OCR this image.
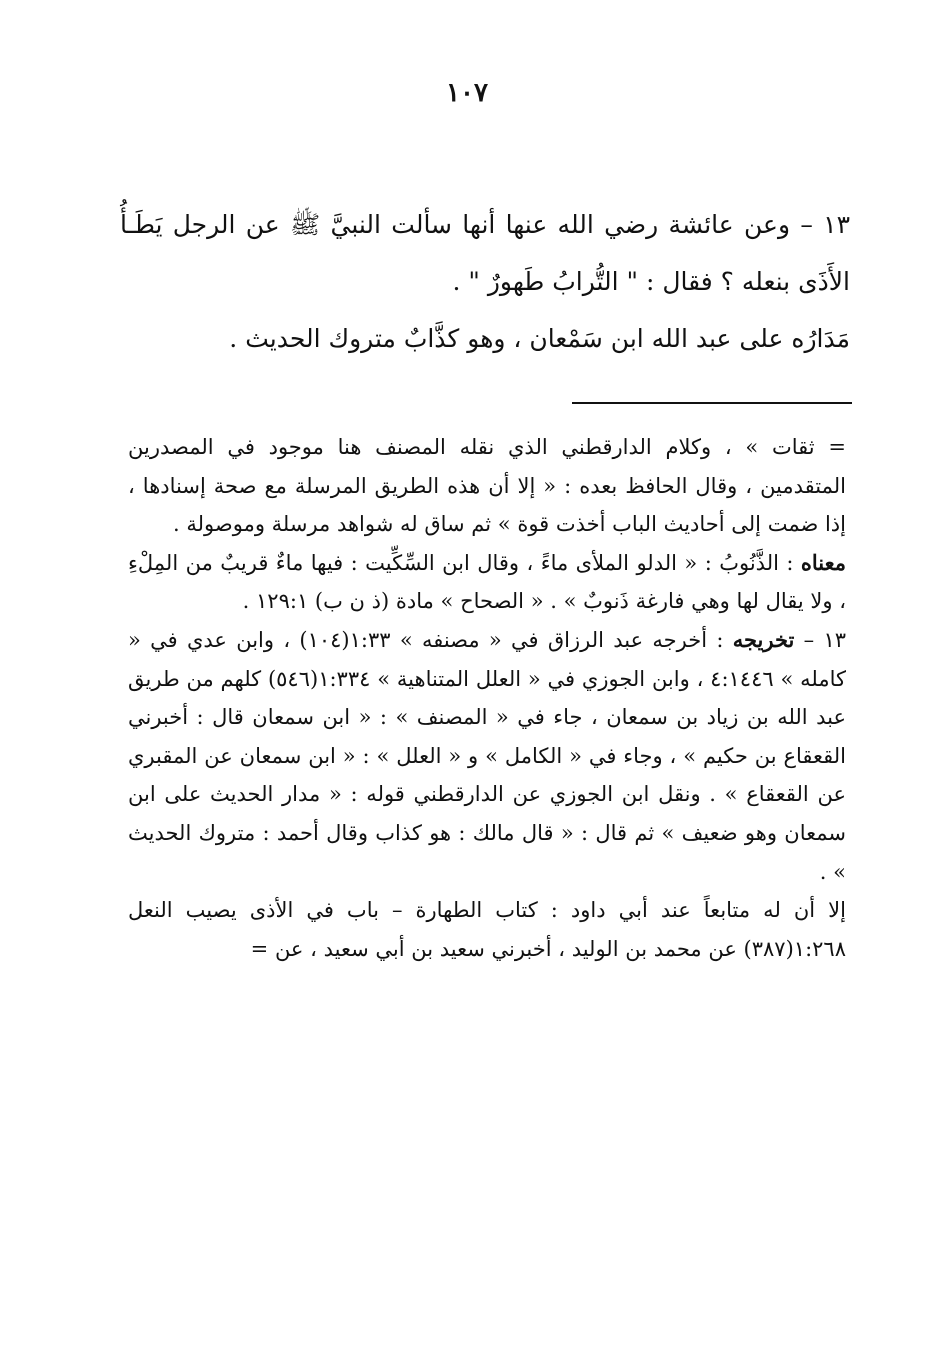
١٠٧

١٣ – وعن عائشة رضي الله عنها أنها سألت النبيَّ ﷺ عن الرجل يَطَـأُ الأَذَى بنعله ؟ فقال : " التُّرابُ طَهورٌ " .

مَدَارُه على عبد الله ابن سَمْعان ، وهو كذَّابٌ متروك الحديث .

= ثقات » ، وكلام الدارقطني الذي نقله المصنف هنا موجود في المصدرين المتقدمين ، وقال الحافظ بعده : « إلا أن هذه الطريق المرسلة مع صحة إسنادها ، إذا ضمت إلى أحاديث الباب أخذت قوة » ثم ساق له شواهد مرسلة وموصولة .

معناه : الذَّنُوبُ : « الدلو الملأى ماءً ، وقال ابن السِّكِّيت : فيها ماءٌ قريبٌ من المِلْءِ ، ولا يقال لها وهي فارغة ذَنوبٌ » . « الصحاح » مادة (ذ ن ب) ١٢٩:١ .

١٣ – تخريجه : أخرجه عبد الرزاق في « مصنفه » ١:٣٣(١٠٤) ، وابن عدي في « كامله » ٤:١٤٤٦ ، وابن الجوزي في « العلل المتناهية » ١:٣٣٤(٥٤٦) كلهم من طريق عبد الله بن زياد بن سمعان ، جاء في « المصنف » : « ابن سمعان قال : أخبرني القعقاع بن حكيم » ، وجاء في « الكامل » و « العلل » : « ابن سمعان عن المقبري عن القعقاع » . ونقل ابن الجوزي عن الدارقطني قوله : « مدار الحديث على ابن سمعان وهو ضعيف » ثم قال : « قال مالك : هو كذاب وقال أحمد : متروك الحديث » .

إلا أن له متابعاً عند أبي داود : كتاب الطهارة – باب في الأذى يصيب النعل ١:٢٦٨(٣٨٧) عن محمد بن الوليد ، أخبرني سعيد بن أبي سعيد ، عن =
